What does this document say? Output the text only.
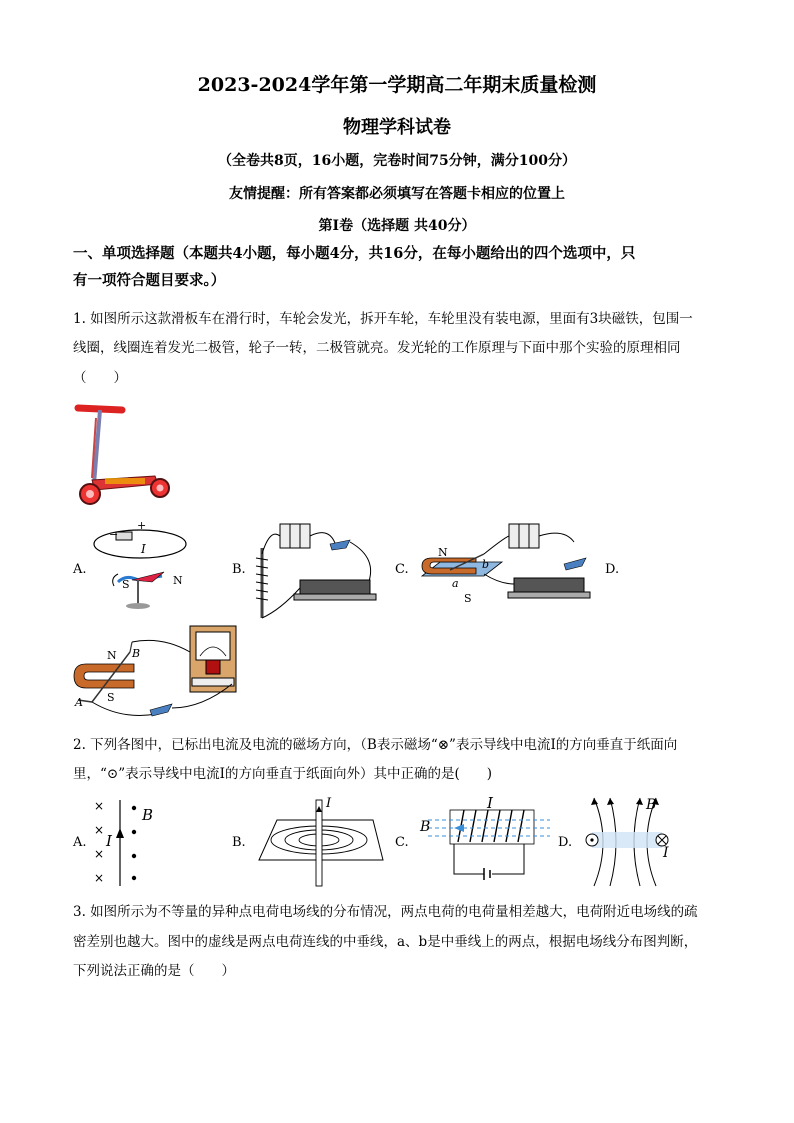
2023-2024学年第一学期高二年期末质量检测
物理学科试卷
（全卷共8页，16小题，完卷时间75分钟，满分100分）
友情提醒：所有答案都必须填写在答题卡相应的位置上
第Ⅰ卷（选择题 共40分）
一、单项选择题（本题共4小题，每小题4分，共16分，在每小题给出的四个选项中，只
有一项符合题目要求。）
1. 如图所示这款滑板车在滑行时，车轮会发光，拆开车轮，车轮里没有装电源，里面有3块磁铁，包围一
线圈，线圈连着发光二极管，轮子一转，二极管就亮。发光轮的工作原理与下面中那个实验的原理相同
（　　）
A.	B.	C.	D.
I
S	N
−
+
N
S
a
b
N
S
A
B
2. 下列各图中，已标出电流及电流的磁场方向，（B表示磁场“⊗”表示导线中电流I的方向垂直于纸面向
里，“⊙”表示导线中电流I的方向垂直于纸面向外）其中正确的是(　　)
A.	B.	C.	D.
×
×
×
×
B
I
I	I
B
B
I
3. 如图所示为不等量的异种点电荷电场线的分布情况，两点电荷的电荷量相差越大，电荷附近电场线的疏
密差别也越大。图中的虚线是两点电荷连线的中垂线，a、b是中垂线上的两点，根据电场线分布图判断，
下列说法正确的是（　　）
